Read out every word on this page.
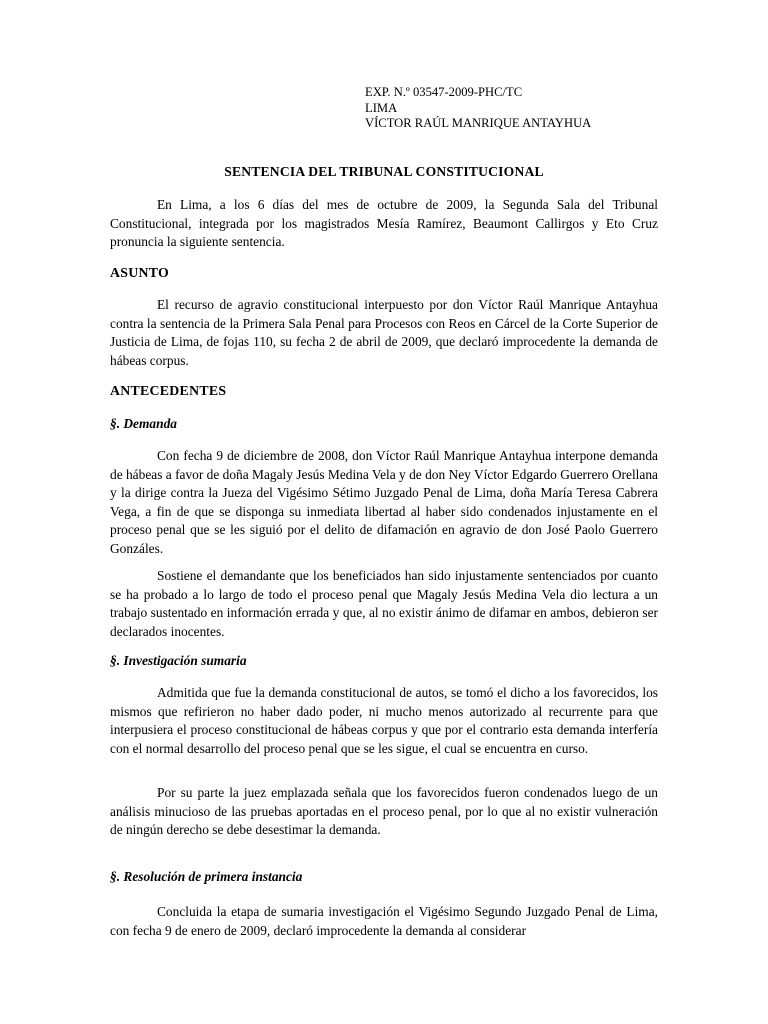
EXP. N.º 03547-2009-PHC/TC
LIMA
VÍCTOR RAÚL MANRIQUE ANTAYHUA
SENTENCIA DEL TRIBUNAL CONSTITUCIONAL

En Lima, a los 6 días del mes de octubre de 2009, la Segunda Sala del Tribunal Constitucional, integrada por los magistrados Mesía Ramírez, Beaumont Callirgos y Eto Cruz pronuncia la siguiente sentencia.

ASUNTO

El recurso de agravio constitucional interpuesto por don Víctor Raúl Manrique Antayhua contra la sentencia de la Primera Sala Penal para Procesos con Reos en Cárcel de la Corte Superior de Justicia de Lima, de fojas 110, su fecha 2 de abril de 2009, que declaró improcedente la demanda de hábeas corpus.

ANTECEDENTES
§. Demanda

Con fecha 9 de diciembre de 2008, don Víctor Raúl Manrique Antayhua interpone demanda de hábeas a favor de doña Magaly Jesús Medina Vela y de don Ney Víctor Edgardo Guerrero Orellana y la dirige contra la Jueza del Vigésimo Sétimo Juzgado Penal de Lima, doña María Teresa Cabrera Vega, a fin de que se disponga su inmediata libertad al haber sido condenados injustamente en el proceso penal que se les siguió por el delito de difamación en agravio de don José Paolo Guerrero Gonzáles.

Sostiene el demandante que los beneficiados han sido injustamente sentenciados por cuanto se ha probado a lo largo de todo el proceso penal que Magaly Jesús Medina Vela dio lectura a un trabajo sustentado en información errada y que, al no existir ánimo de difamar en ambos, debieron ser declarados inocentes.

§. Investigación sumaria

Admitida que fue la demanda constitucional de autos, se tomó el dicho a los favorecidos, los mismos que refirieron no haber dado poder, ni mucho menos autorizado al recurrente para que interpusiera el proceso constitucional de hábeas corpus y que por el contrario esta demanda interfería con el normal desarrollo del proceso penal que se les sigue, el cual se encuentra en curso.

Por su parte la juez emplazada señala que los favorecidos fueron condenados luego de un análisis minucioso de las pruebas aportadas en el proceso penal, por lo que al no existir vulneración de ningún derecho se debe desestimar la demanda.

§. Resolución de primera instancia

Concluida la etapa de sumaria investigación el Vigésimo Segundo Juzgado Penal de Lima, con fecha 9 de enero de 2009, declaró improcedente la demanda al considerar
